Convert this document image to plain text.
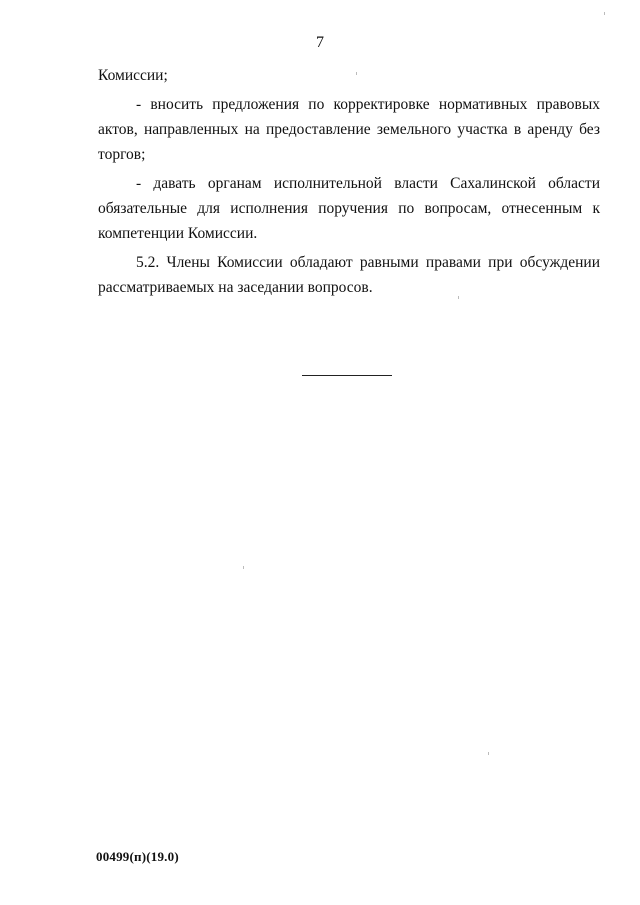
7

Комиссии;

- вносить предложения по корректировке нормативных правовых актов, направленных на предоставление земельного участка в аренду без торгов;

- давать органам исполнительной власти Сахалинской области обязательные для исполнения поручения по вопросам, отнесенным к компетенции Комиссии.

5.2. Члены Комиссии обладают равными правами при обсуждении рассматриваемых на заседании вопросов.

00499(п)(19.0)
